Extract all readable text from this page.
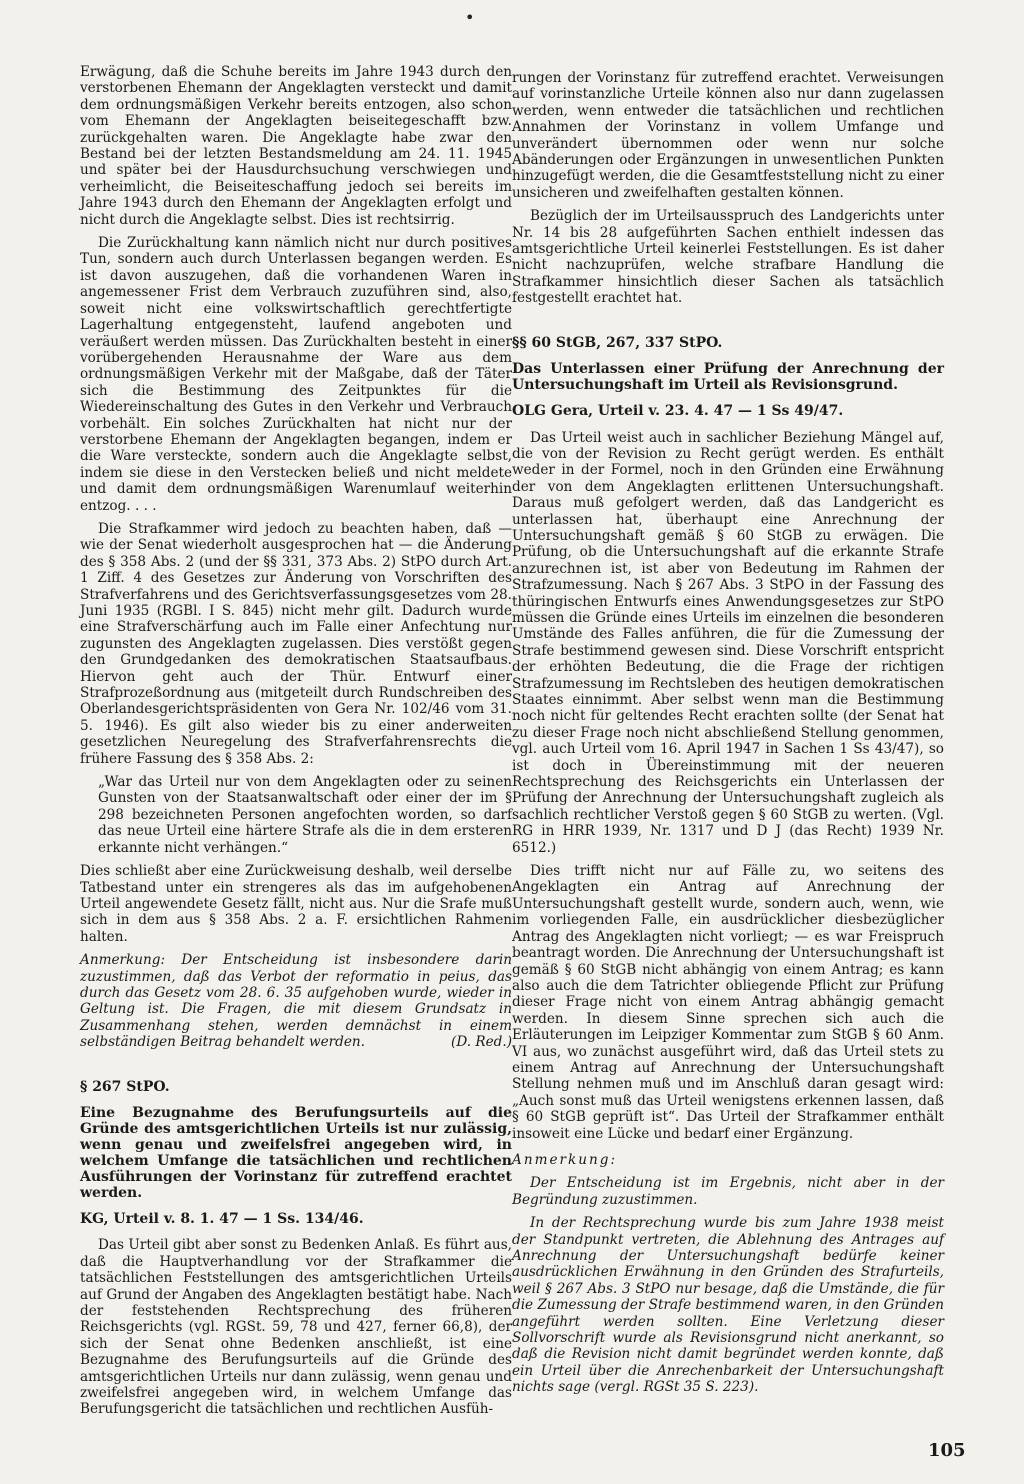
•

Erwägung, daß die Schuhe bereits im Jahre 1943 durch den verstorbenen Ehemann der Angeklagten versteckt und damit dem ordnungsmäßigen Verkehr bereits entzogen, also schon vom Ehemann der Angeklagten beiseitegeschafft bzw. zurückgehalten waren. Die Angeklagte habe zwar den Bestand bei der letzten Bestandsmeldung am 24. 11. 1945 und später bei der Hausdurchsuchung verschwiegen und verheimlicht, die Beiseiteschaffung jedoch sei bereits im Jahre 1943 durch den Ehemann der Angeklagten erfolgt und nicht durch die Angeklagte selbst. Dies ist rechtsirrig.

Die Zurückhaltung kann nämlich nicht nur durch positives Tun, sondern auch durch Unterlassen begangen werden. Es ist davon auszugehen, daß die vorhandenen Waren in angemessener Frist dem Verbrauch zuzuführen sind, also, soweit nicht eine volkswirtschaftlich gerechtfertigte Lagerhaltung entgegensteht, laufend angeboten und veräußert werden müssen. Das Zurückhalten besteht in einer vorübergehenden Herausnahme der Ware aus dem ordnungsmäßigen Verkehr mit der Maßgabe, daß der Täter sich die Bestimmung des Zeitpunktes für die Wiedereinschaltung des Gutes in den Verkehr und Verbrauch vorbehält. Ein solches Zurückhalten hat nicht nur der verstorbene Ehemann der Angeklagten begangen, indem er die Ware versteckte, sondern auch die Angeklagte selbst, indem sie diese in den Verstecken beließ und nicht meldete und damit dem ordnungsmäßigen Warenumlauf weiterhin entzog. . . .

Die Strafkammer wird jedoch zu beachten haben, daß — wie der Senat wiederholt ausgesprochen hat — die Änderung des § 358 Abs. 2 (und der §§ 331, 373 Abs. 2) StPO durch Art. 1 Ziff. 4 des Gesetzes zur Änderung von Vorschriften des Strafverfahrens und des Gerichtsverfassungsgesetzes vom 28. Juni 1935 (RGBl. I S. 845) nicht mehr gilt. Dadurch wurde eine Strafverschärfung auch im Falle einer Anfechtung nur zugunsten des Angeklagten zugelassen. Dies verstößt gegen den Grundgedanken des demokratischen Staatsaufbaus. Hiervon geht auch der Thür. Entwurf einer Strafprozeßordnung aus (mitgeteilt durch Rundschreiben des Oberlandesgerichtspräsidenten von Gera Nr. 102/46 vom 31. 5. 1946). Es gilt also wieder bis zu einer anderweiten gesetzlichen Neuregelung des Strafverfahrensrechts die frühere Fassung des § 358 Abs. 2:

„War das Urteil nur von dem Angeklagten oder zu seinen Gunsten von der Staatsanwaltschaft oder einer der im § 298 bezeichneten Personen angefochten worden, so darf das neue Urteil eine härtere Strafe als die in dem ersteren erkannte nicht verhängen.“

Dies schließt aber eine Zurückweisung deshalb, weil derselbe Tatbestand unter ein strengeres als das im aufgehobenen Urteil angewendete Gesetz fällt, nicht aus. Nur die Srafe muß sich in dem aus § 358 Abs. 2 a. F. ersichtlichen Rahmen halten.

Anmerkung: Der Entscheidung ist insbesondere darin zuzustimmen, daß das Verbot der reformatio in peius, das durch das Gesetz vom 28. 6. 35 aufgehoben wurde, wieder in Geltung ist. Die Fragen, die mit diesem Grundsatz in Zusammenhang stehen, werden demnächst in einem selbständigen Beitrag behandelt werden.	(D. Red.)

§ 267 StPO.
Eine Bezugnahme des Berufungsurteils auf die Gründe des amtsgerichtlichen Urteils ist nur zulässig, wenn genau und zweifelsfrei angegeben wird, in welchem Umfange die tatsächlichen und rechtlichen Ausführungen der Vorinstanz für zutreffend erachtet werden.
KG, Urteil v. 8. 1. 47 — 1 Ss. 134/46.

Das Urteil gibt aber sonst zu Bedenken Anlaß. Es führt aus, daß die Hauptverhandlung vor der Strafkammer die tatsächlichen Feststellungen des amtsgerichtlichen Urteils auf Grund der Angaben des Angeklagten bestätigt habe. Nach der feststehenden Rechtsprechung des früheren Reichsgerichts (vgl. RGSt. 59, 78 und 427, ferner 66,8), der sich der Senat ohne Bedenken anschließt, ist eine Bezugnahme des Berufungsurteils auf die Gründe des amtsgerichtlichen Urteils nur dann zulässig, wenn genau und zweifelsfrei angegeben wird, in welchem Umfange das Berufungsgericht die tatsächlichen und rechtlichen Ausfüh-

rungen der Vorinstanz für zutreffend erachtet. Verweisungen auf vorinstanzliche Urteile können also nur dann zugelassen werden, wenn entweder die tatsächlichen und rechtlichen Annahmen der Vorinstanz in vollem Umfange und unverändert übernommen oder wenn nur solche Abänderungen oder Ergänzungen in unwesentlichen Punkten hinzugefügt werden, die die Gesamtfeststellung nicht zu einer unsicheren und zweifelhaften gestalten können.

Bezüglich der im Urteilsausspruch des Landgerichts unter Nr. 14 bis 28 aufgeführten Sachen enthielt indessen das amtsgerichtliche Urteil keinerlei Feststellungen. Es ist daher nicht nachzuprüfen, welche strafbare Handlung die Strafkammer hinsichtlich dieser Sachen als tatsächlich festgestellt erachtet hat.

§§ 60 StGB, 267, 337 StPO.
Das Unterlassen einer Prüfung der Anrechnung der Untersuchungshaft im Urteil als Revisionsgrund.
OLG Gera, Urteil v. 23. 4. 47 — 1 Ss 49/47.

Das Urteil weist auch in sachlicher Beziehung Mängel auf, die von der Revision zu Recht gerügt werden. Es enthält weder in der Formel, noch in den Gründen eine Erwähnung der von dem Angeklagten erlittenen Untersuchungshaft. Daraus muß gefolgert werden, daß das Landgericht es unterlassen hat, überhaupt eine Anrechnung der Untersuchungshaft gemäß § 60 StGB zu erwägen. Die Prüfung, ob die Untersuchungshaft auf die erkannte Strafe anzurechnen ist, ist aber von Bedeutung im Rahmen der Strafzumessung. Nach § 267 Abs. 3 StPO in der Fassung des thüringischen Entwurfs eines Anwendungsgesetzes zur StPO müssen die Gründe eines Urteils im einzelnen die besonderen Umstände des Falles anführen, die für die Zumessung der Strafe bestimmend gewesen sind. Diese Vorschrift entspricht der erhöhten Bedeutung, die die Frage der richtigen Strafzumessung im Rechtsleben des heutigen demokratischen Staates einnimmt. Aber selbst wenn man die Bestimmung noch nicht für geltendes Recht erachten sollte (der Senat hat zu dieser Frage noch nicht abschließend Stellung genommen, vgl. auch Urteil vom 16. April 1947 in Sachen 1 Ss 43/47), so ist doch in Übereinstimmung mit der neueren Rechtsprechung des Reichsgerichts ein Unterlassen der Prüfung der Anrechnung der Untersuchungshaft zugleich als sachlich rechtlicher Verstoß gegen § 60 StGB zu werten. (Vgl. RG in HRR 1939, Nr. 1317 und D J (das Recht) 1939 Nr. 6512.)

Dies trifft nicht nur auf Fälle zu, wo seitens des Angeklagten ein Antrag auf Anrechnung der Untersuchungshaft gestellt wurde, sondern auch, wenn, wie im vorliegenden Falle, ein ausdrücklicher diesbezüglicher Antrag des Angeklagten nicht vorliegt; — es war Freispruch beantragt worden. Die Anrechnung der Untersuchungshaft ist gemäß § 60 StGB nicht abhängig von einem Antrag; es kann also auch die dem Tatrichter obliegende Pflicht zur Prüfung dieser Frage nicht von einem Antrag abhängig gemacht werden. In diesem Sinne sprechen sich auch die Erläuterungen im Leipziger Kommentar zum StGB § 60 Anm. VI aus, wo zunächst ausgeführt wird, daß das Urteil stets zu einem Antrag auf Anrechnung der Untersuchungshaft Stellung nehmen muß und im Anschluß daran gesagt wird: „Auch sonst muß das Urteil wenigstens erkennen lassen, daß § 60 StGB geprüft ist“. Das Urteil der Strafkammer enthält insoweit eine Lücke und bedarf einer Ergänzung.

Anmerkung:

Der Entscheidung ist im Ergebnis, nicht aber in der Begründung zuzustimmen.

In der Rechtsprechung wurde bis zum Jahre 1938 meist der Standpunkt vertreten, die Ablehnung des Antrages auf Anrechnung der Untersuchungshaft bedürfe keiner ausdrücklichen Erwähnung in den Gründen des Strafurteils, weil § 267 Abs. 3 StPO nur besage, daß die Umstände, die für die Zumessung der Strafe bestimmend waren, in den Gründen angeführt werden sollten. Eine Verletzung dieser Sollvorschrift wurde als Revisionsgrund nicht anerkannt, so daß die Revision nicht damit begründet werden konnte, daß ein Urteil über die Anrechenbarkeit der Untersuchungshaft nichts sage (vergl. RGSt 35 S. 223).

105
